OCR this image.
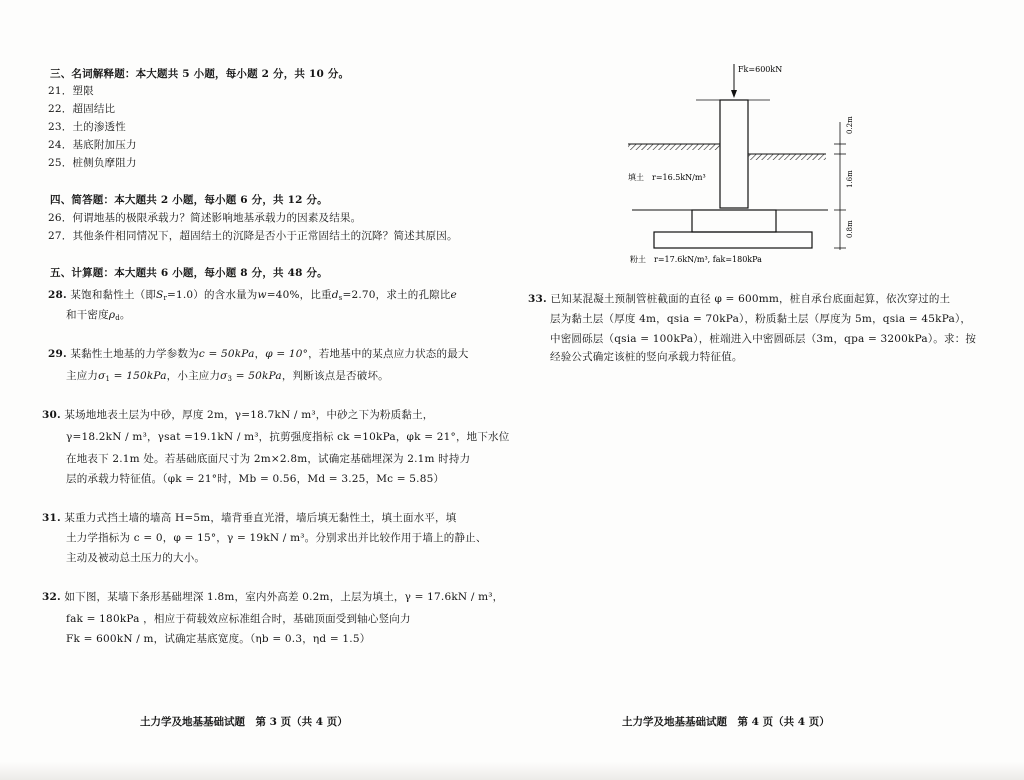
三、名词解释题：本大题共 5 小题，每小题 2 分，共 10 分。
21．塑限
22．超固结比
23．土的渗透性
24．基底附加压力
25．桩侧负摩阻力
四、简答题：本大题共 2 小题，每小题 6 分，共 12 分。
26．何谓地基的极限承载力？简述影响地基承载力的因素及结果。
27．其他条件相同情况下，超固结土的沉降是否小于正常固结土的沉降？简述其原因。
五、计算题：本大题共 6 小题，每小题 8 分，共 48 分。
28. 某饱和黏性土（即$S_r=1.0$）的含水量为w=40%，比重$d_s=2.70$，求土的孔隙比e
和干密度$\rho_d$。
29. 某黏性土地基的力学参数为c = 50kPa，φ = 10°，若地基中的某点应力状态的最大
主应力$\sigma_1 = 150kPa$，小主应力$\sigma_3 = 50kPa$，判断该点是否破坏。
30. 某场地地表土层为中砂，厚度 2m，γ=18.7kN / m³，中砂之下为粉质黏土，
γ=18.2kN / m³，γsat =19.1kN / m³，抗剪强度指标 ck =10kPa，φk = 21°，地下水位
在地表下 2.1m 处。若基础底面尺寸为 2m×2.8m，试确定基础埋深为 2.1m 时持力
层的承载力特征值。（φk = 21°时，Mb = 0.56，Md = 3.25，Mc = 5.85）
31. 某重力式挡土墙的墙高 H=5m，墙背垂直光滑，墙后填无黏性土，填土面水平，填
土力学指标为 c = 0，φ = 15°，γ = 19kN / m³。分别求出并比较作用于墙上的静止、
主动及被动总土压力的大小。
32. 如下图，某墙下条形基础埋深 1.8m，室内外高差 0.2m，上层为填土，γ = 17.6kN / m³，
fak = 180kPa ，相应于荷载效应标准组合时，基础顶面受到轴心竖向力
Fk = 600kN / m，试确定基底宽度。（ηb = 0.3，ηd = 1.5）
土力学及地基基础试题　第 3 页（共 4 页）
Fk=600kN
填土　r=16.5kN/m³
粉土　r=17.6kN/m³, fak=180kPa
0.2m
1.6m
0.8m
33. 已知某混凝土预制管桩截面的直径 φ = 600mm，桩自承台底面起算，依次穿过的土
层为黏土层（厚度 4m，qsia = 70kPa），粉质黏土层（厚度为 5m，qsia = 45kPa），
中密圆砾层（qsia = 100kPa），桩端进入中密圆砾层（3m，qpa = 3200kPa）。求：按
经验公式确定该桩的竖向承载力特征值。
土力学及地基基础试题　第 4 页（共 4 页）
